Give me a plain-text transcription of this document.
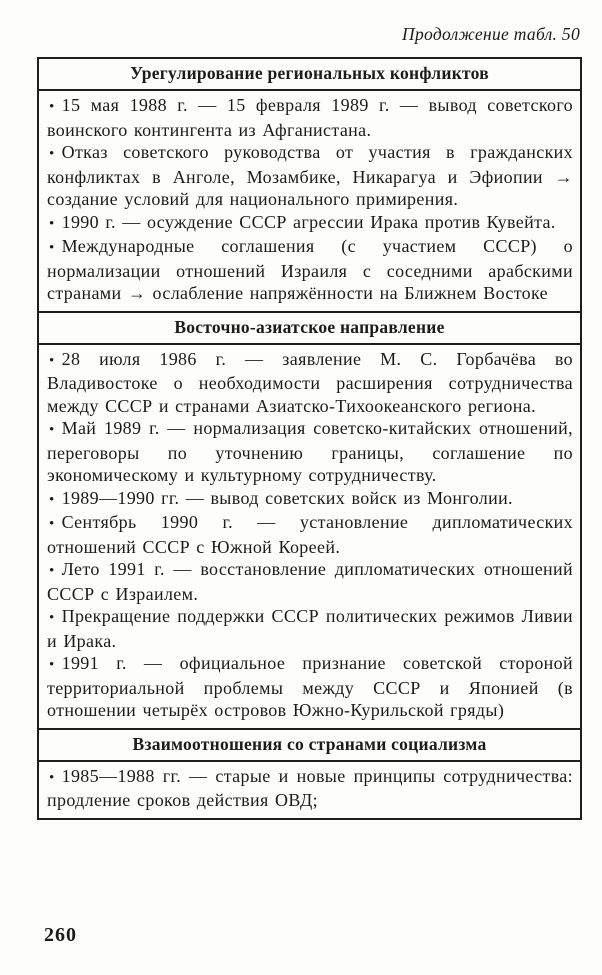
Продолжение табл. 50
Урегулирование региональных конфликтов

• 15 мая 1988 г. — 15 февраля 1989 г. — вывод советского воинского контингента из Афганистана.

• Отказ советского руководства от участия в гражданских конфликтах в Анголе, Мозамбике, Никарагуа и Эфиопии → создание условий для национального примирения.

• 1990 г. — осуждение СССР агрессии Ирака против Кувейта.

• Международные соглашения (с участием СССР) о нормализации отношений Израиля с соседними арабскими странами → ослабление напряжённости на Ближнем Востоке

Восточно-азиатское направление

• 28 июля 1986 г. — заявление М. С. Горбачёва во Владивостоке о необходимости расширения сотрудничества между СССР и странами Азиатско-Тихоокеанского региона.

• Май 1989 г. — нормализация советско-китайских отношений, переговоры по уточнению границы, соглашение по экономическому и культурному сотрудничеству.

• 1989—1990 гг. — вывод советских войск из Монголии.

• Сентябрь 1990 г. — установление дипломатических отношений СССР с Южной Кореей.

• Лето 1991 г. — восстановление дипломатических отношений СССР с Израилем.

• Прекращение поддержки СССР политических режимов Ливии и Ирака.

• 1991 г. — официальное признание советской стороной территориальной проблемы между СССР и Японией (в отношении четырёх островов Южно-Курильской гряды)

Взаимоотношения со странами социализма

• 1985—1988 гг. — старые и новые принципы сотрудничества: продление сроков действия ОВД;

260
